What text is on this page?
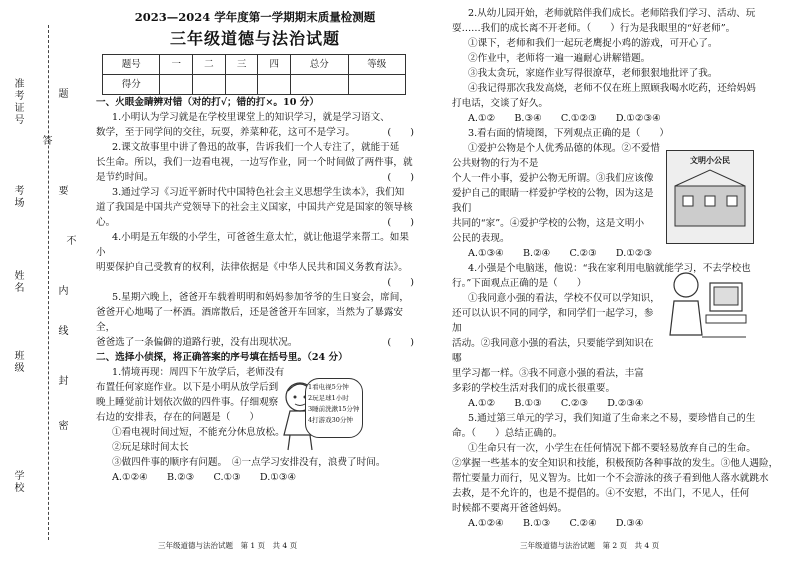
准考证号
考场
姓名
班级
学校
题
答
要
不
内
线
封
密
2023—2024 学年度第一学期期末质量检测题
三年级道德与法治试题
题号	一	二	三	四	总分	等级
得分						

一、火眼金睛辨对错（对的打√；错的打×。10 分）

1.小明认为学习就是在学校里课堂上的知识学习，就是学习语文、

数学，至于同学间的交往，玩耍，养菜种花，这可不是学习。	(　　)

2.课文故事里中讲了鲁迅的故事，告诉我们一个人专注了，就能于延

长生命。所以，我们一边看电视，一边写作业，同一个时间做了两件事，就

是节约时间。	(　　)

3.通过学习《习近平新时代中国特色社会主义思想学生读本》，我们知

道了我国是中国共产党领导下的社会主义国家，中国共产党是国家的领导核

心。	(　　)

4.小明是五年级的小学生，可爸爸生意太忙，就让他退学来帮工。如果小

明要保护自己受教育的权利，法律依据是《中华人民共和国义务教育法》。

(　　)

5.星期六晚上，爸爸开车载着明明和妈妈参加爷爷的生日宴会，席间，

爸爸开心地喝了一杯酒。酒席散后，还是爸爸开车回家，当然为了暴露安全，

爸爸选了一条偏僻的道路行驶，没有出现状况。	(　　)

二、选择小侦探，将正确答案的序号填在括号里。（24 分）

1.情境再现：周四下午放学后，老师没有

布置任何家庭作业。以下是小明从放学后到

晚上睡觉前计划依次做的四件事。仔细观察

右边的安排表，存在的问题是（　　）

①看电视时间过短，不能充分休息放松。

②玩足球时间太长

③做四件事的顺序有问题。　 ④一点学习安排没有，浪费了时间。

A.①②④　　B.②③　　C.①③　　D.①③④

1看电视5分钟
2玩足球1小时
3睡前洗漱15分钟
4打游戏30分钟
三年级道德与法治试题　第 1 页　共 4 页

2.从幼儿园开始，老师就陪伴我们成长。老师陪我们学习、活动、玩

耍……我们的成长离不开老师。（　　）行为是我眼里的“好老师”。

①课下，老师和我们一起玩老鹰捉小鸡的游戏，可开心了。

②作业中，老师将一遍一遍耐心讲解错题。

③我太贪玩，家庭作业写得很潦草，老师狠狠地批评了我。

④我记得那次我发高烧，老师不仅在班上照顾我喝水吃药，还给妈妈

打电话，交谈了好久。

A.①②　　B.③④　　C.①②③　　D.①②③④

3.看右面的情境图，下列观点正确的是（　　）

①爱护公物是个人优秀品德的体现。②不爱惜公共财物的行为不是

个人一件小事，爱护公物无所谓。③我们应该像

爱护自己的眼睛一样爱护学校的公物，因为这是我们

共同的“家”。④爱护学校的公物，这是文明小

公民的表现。

A.①③④　　B.②④　　C.②③　　D.①②③

4.小强是个电脑迷，他说：“我在家利用电脑就能学习，不去学校也

行。”下面观点正确的是（　　）

①我同意小强的看法，学校不仅可以学知识，

还可以认识不同的同学，和同学们一起学习，参加

活动。②我同意小强的看法，只要能学到知识在哪

里学习都一样。③我不同意小强的看法，丰富

多彩的学校生活对我们的成长很重要。

A.①②　　B.①③　　C.②③　　D.②③④

5.通过第三单元的学习，我们知道了生命来之不易，要珍惜自己的生

命。（　　）总结正确的。

①生命只有一次，小学生在任何情况下都不要轻易放弃自己的生命。

②掌握一些基本的安全知识和技能，积极预防各种事故的发生。③他人遇险，

帮忙要量力而行，见义智为。比如一个不会游泳的孩子看到他人落水就跳水

去救，是不允许的，也是不提倡的。④不安慰，不出门，不见人，任何

时候都不要离开爸爸妈妈。

A.①②④　　B.①③　　C.②④　　D.③④

文明小公民
三年级道德与法治试题　第 2 页　共 4 页
